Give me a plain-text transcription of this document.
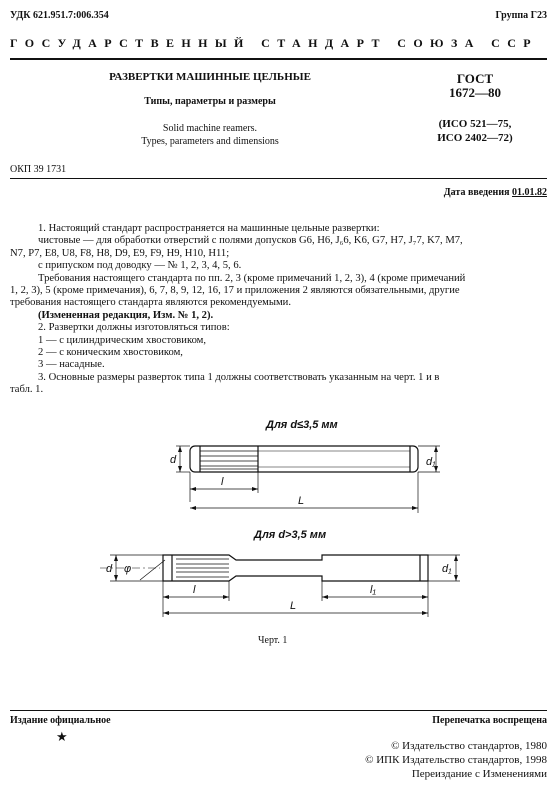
УДК 621.951.7:006.354	Группа Г23
ГОСУДАРСТВЕННЫЙ СТАНДАРТ СОЮЗА ССР
РАЗВЕРТКИ МАШИННЫЕ ЦЕЛЬНЫЕ
Типы, параметры и размеры
Solid machine reamers.
Types, parameters and dimensions
ГОСТ
1672—80
(ИСО 521—75,
ИСО 2402—72)
ОКП 39 1731
Дата введения 01.01.82
1. Настоящий стандарт распространяется на машинные цельные развертки:
чистовые — для обработки отверстий с полями допусков G6, H6, J₆6, K6, G7, H7, J₇7, K7, M7,
N7, P7, E8, U8, F8, H8, D9, E9, F9, H9, H10, H11;
с припуском под доводку — № 1, 2, 3, 4, 5, 6.
Требования настоящего стандарта по пп. 2, 3 (кроме примечаний 1, 2, 3), 4 (кроме примечаний
1, 2, 3), 5 (кроме примечания), 6, 7, 8, 9, 12, 16, 17 и приложения 2 являются обязательными, другие
требования настоящего стандарта являются рекомендуемыми.
(Измененная редакция, Изм. № 1, 2).
2. Развертки должны изготовляться типов:
1 — с цилиндрическим хвостовиком,
2 — с коническим хвостовиком,
3 — насадные.
3. Основные размеры разверток типа 1 должны соответствовать указанным на черт. 1 и в
табл. 1.
Для d≤3,5 мм
Для d>3,5 мм
d	d₁
l
L
d	d₁
φ
l	l₁
L
Черт. 1
Издание официальное	Перепечатка воспрещена
★
© Издательство стандартов, 1980
© ИПК Издательство стандартов, 1998
Переиздание с Изменениями
